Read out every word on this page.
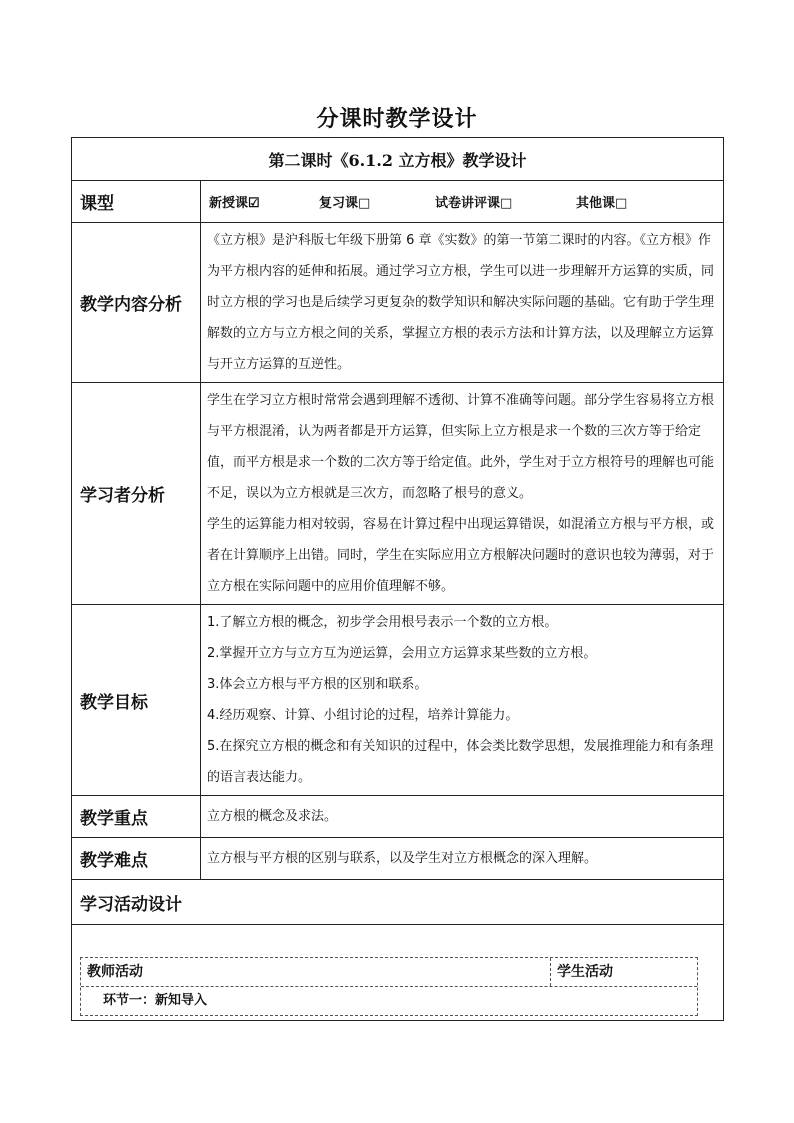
分课时教学设计
第二课时《6.1.2 立方根》教学设计	
课型	新授课☑ 复习课□ 试卷讲评课□ 其他课□

教学内容分析	《立方根》是沪科版七年级下册第 6 章《实数》的第一节第二课时的内容。《立方根》作为平方根内容的延伸和拓展。通过学习立方根，学生可以进一步理解开方运算的实质，同时立方根的学习也是后续学习更复杂的数学知识和解决实际问题的基础。它有助于学生理解数的立方与立方根之间的关系，掌握立方根的表示方法和计算方法，以及理解立方运算与开立方运算的互逆性。

学习者分析	学生在学习立方根时常常会遇到理解不透彻、计算不准确等问题。部分学生容易将立方根与平方根混淆，认为两者都是开方运算，但实际上立方根是求一个数的三次方等于给定值，而平方根是求一个数的二次方等于给定值。此外，学生对于立方根符号的理解也可能不足，误以为立方根就是三次方，而忽略了根号的意义。

学生的运算能力相对较弱，容易在计算过程中出现运算错误，如混淆立方根与平方根，或者在计算顺序上出错。同时，学生在实际应用立方根解决问题时的意识也较为薄弱，对于立方根在实际问题中的应用价值理解不够。

教学目标	1.了解立方根的概念，初步学会用根号表示一个数的立方根。

2.掌握开立方与立方互为逆运算，会用立方运算求某些数的立方根。

3.体会立方根与平方根的区别和联系。

4.经历观察、计算、小组讨论的过程，培养计算能力。

5.在探究立方根的概念和有关知识的过程中，体会类比数学思想，发展推理能力和有条理的语言表达能力。

教学重点	立方根的概念及求法。
教学难点	立方根与平方根的区别与联系，以及学生对立方根概念的深入理解。
学习活动设计	

教师活动 学生活动
环节一：新知导入	
